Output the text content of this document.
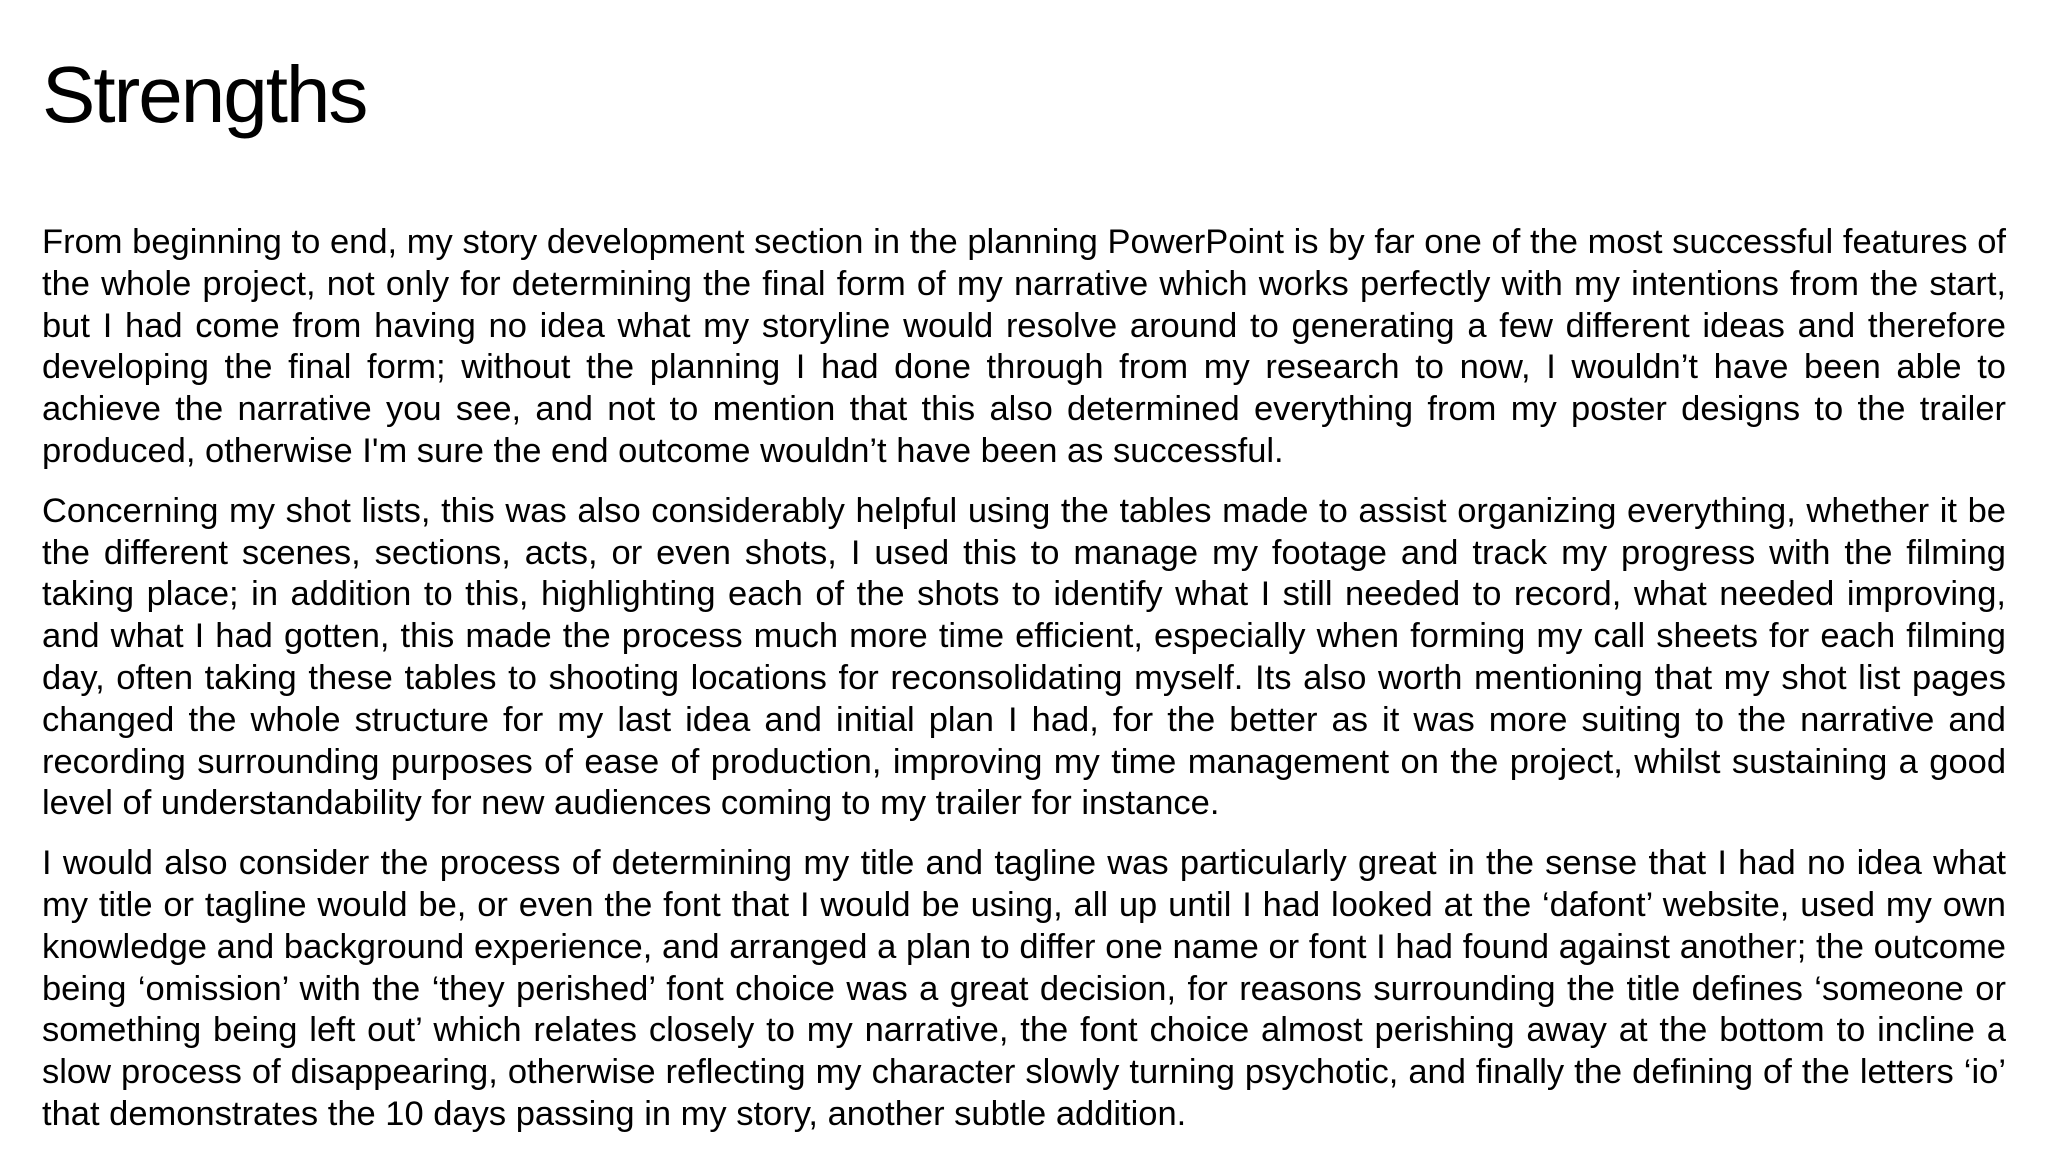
Strengths

From beginning to end, my story development section in the planning PowerPoint is by far one of the most successful features of the whole project, not only for determining the final form of my narrative which works perfectly with my intentions from the start, but I had come from having no idea what my storyline would resolve around to generating a few different ideas and therefore developing the final form; without the planning I had done through from my research to now, I wouldn’t have been able to achieve the narrative you see, and not to mention that this also determined everything from my poster designs to the trailer produced, otherwise I'm sure the end outcome wouldn’t have been as successful.

Concerning my shot lists, this was also considerably helpful using the tables made to assist organizing everything, whether it be the different scenes, sections, acts, or even shots, I used this to manage my footage and track my progress with the filming taking place; in addition to this, highlighting each of the shots to identify what I still needed to record, what needed improving, and what I had gotten, this made the process much more time efficient, especially when forming my call sheets for each filming day, often taking these tables to shooting locations for reconsolidating myself. Its also worth mentioning that my shot list pages changed the whole structure for my last idea and initial plan I had, for the better as it was more suiting to the narrative and recording surrounding purposes of ease of production, improving my time management on the project, whilst sustaining a good level of understandability for new audiences coming to my trailer for instance.

I would also consider the process of determining my title and tagline was particularly great in the sense that I had no idea what my title or tagline would be, or even the font that I would be using, all up until I had looked at the ‘dafont’ website, used my own knowledge and background experience, and arranged a plan to differ one name or font I had found against another; the outcome being ‘omission’ with the ‘they perished’ font choice was a great decision, for reasons surrounding the title defines ‘someone or something being left out’ which relates closely to my narrative, the font choice almost perishing away at the bottom to incline a slow process of disappearing, otherwise reflecting my character slowly turning psychotic, and finally the defining of the letters ‘io’ that demonstrates the 10 days passing in my story, another subtle addition.
